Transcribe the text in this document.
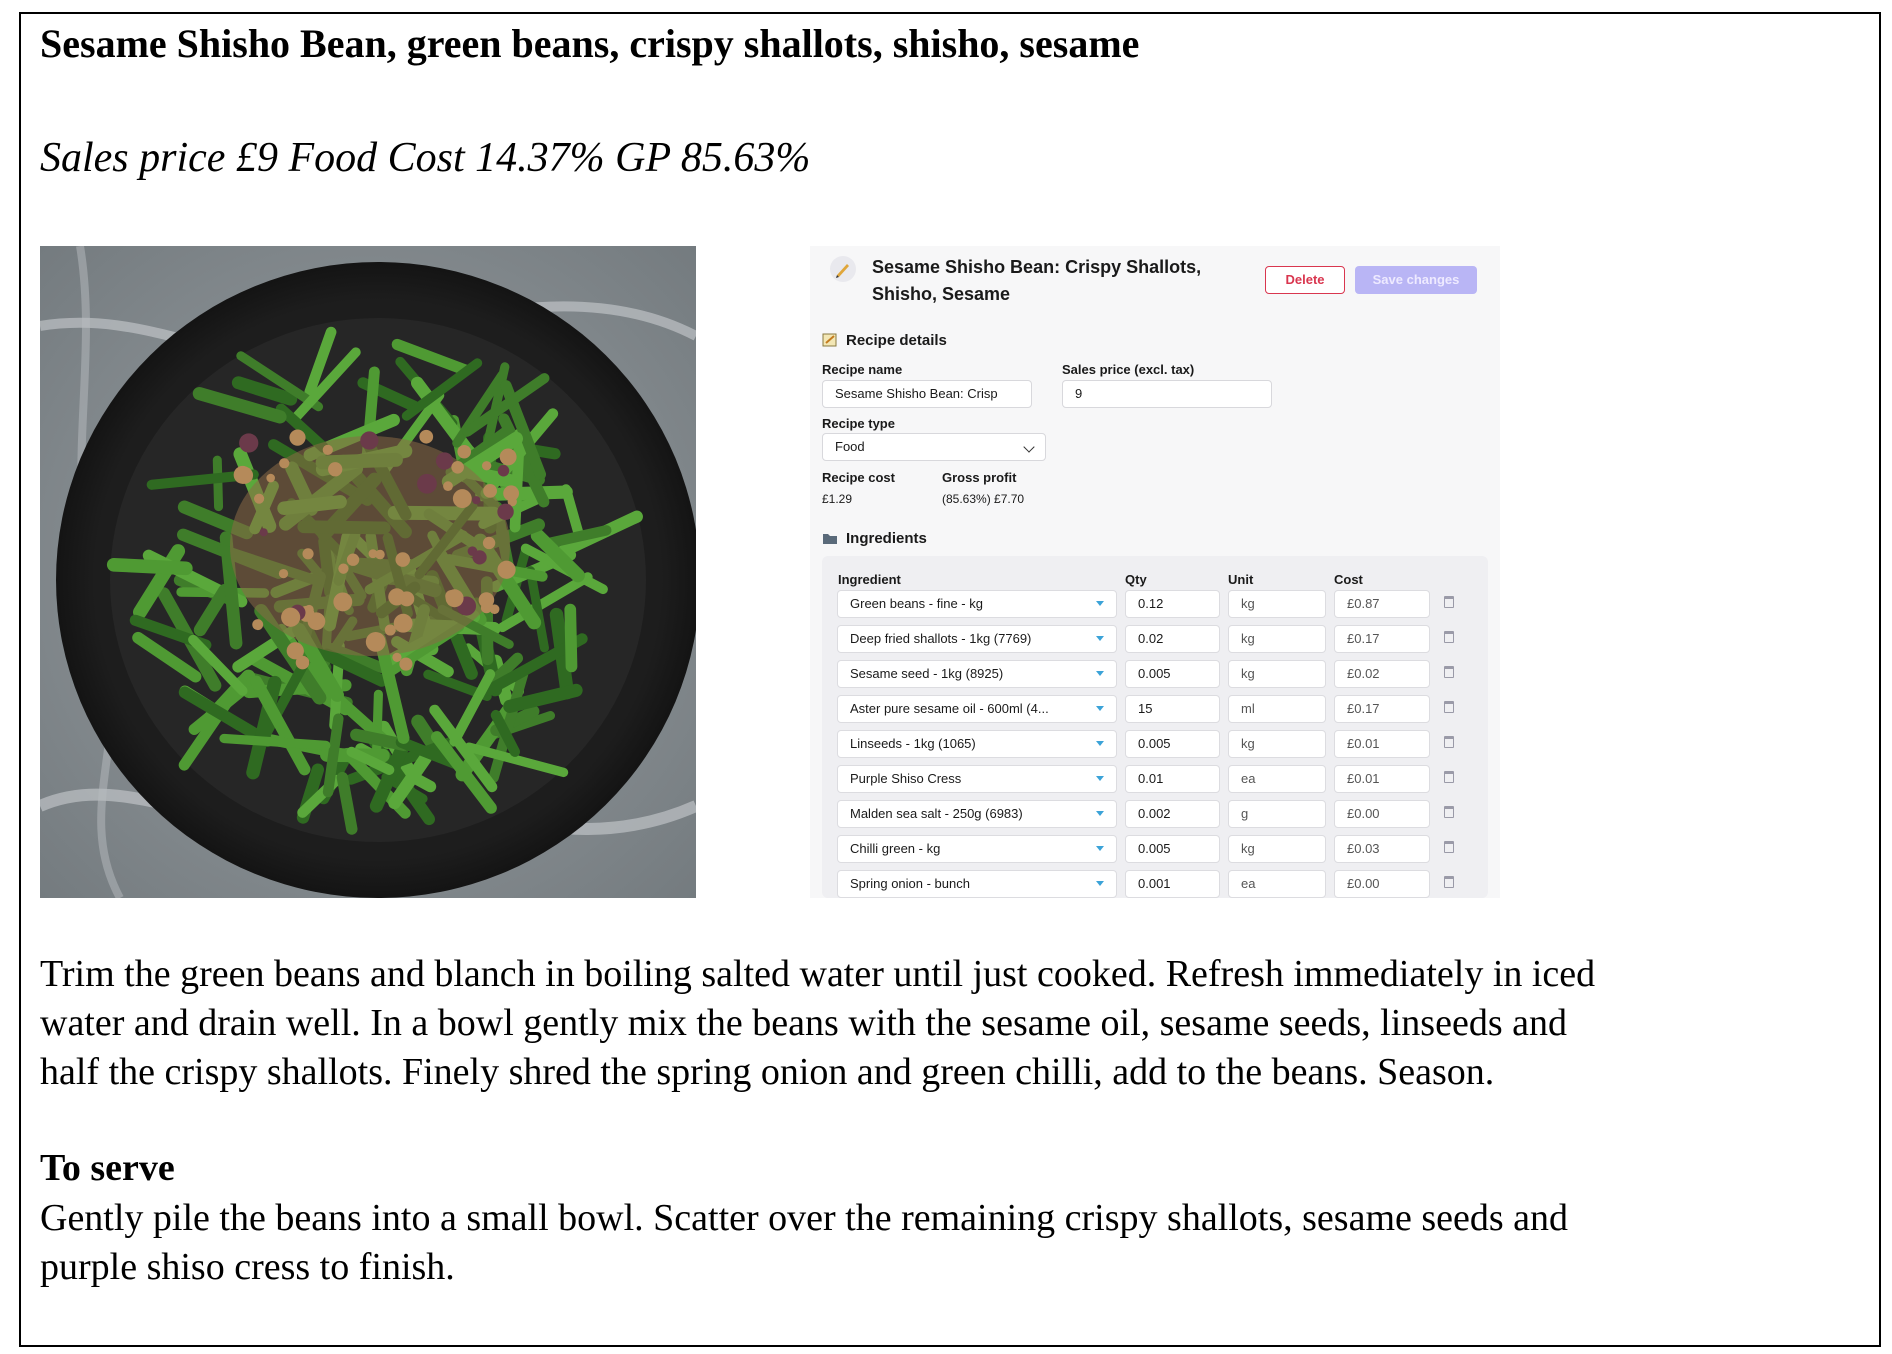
Sesame Shisho Bean, green beans, crispy shallots, shisho, sesame

Sales price £9 Food Cost 14.37% GP 85.63%

Sesame Shisho Bean: Crispy Shallots, Shisho, Sesame
Delete	Save changes
Recipe details
Recipe name
Sesame Shisho Bean: Crisp
Sales price (excl. tax)
9
Recipe type
Food
Recipe cost
£1.29
Gross profit
(85.63%) £7.70
Ingredients
Ingredient	Qty	Unit	Cost
Green beans - fine - kg	0.12	kg	£0.87
Deep fried shallots - 1kg (7769)	0.02	kg	£0.17
Sesame seed - 1kg (8925)	0.005	kg	£0.02
Aster pure sesame oil - 600ml (4...	15	ml	£0.17
Linseeds - 1kg (1065)	0.005	kg	£0.01
Purple Shiso Cress	0.01	ea	£0.01
Malden sea salt - 250g (6983)	0.002	g	£0.00
Chilli green - kg	0.005	kg	£0.03
Spring onion - bunch	0.001	ea	£0.00

Trim the green beans and blanch in boiling salted water until just cooked. Refresh immediately in iced

water and drain well. In a bowl gently mix the beans with the sesame oil, sesame seeds, linseeds and

half the crispy shallots. Finely shred the spring onion and green chilli, add to the beans. Season.

To serve

Gently pile the beans into a small bowl. Scatter over the remaining crispy shallots, sesame seeds and

purple shiso cress to finish.
